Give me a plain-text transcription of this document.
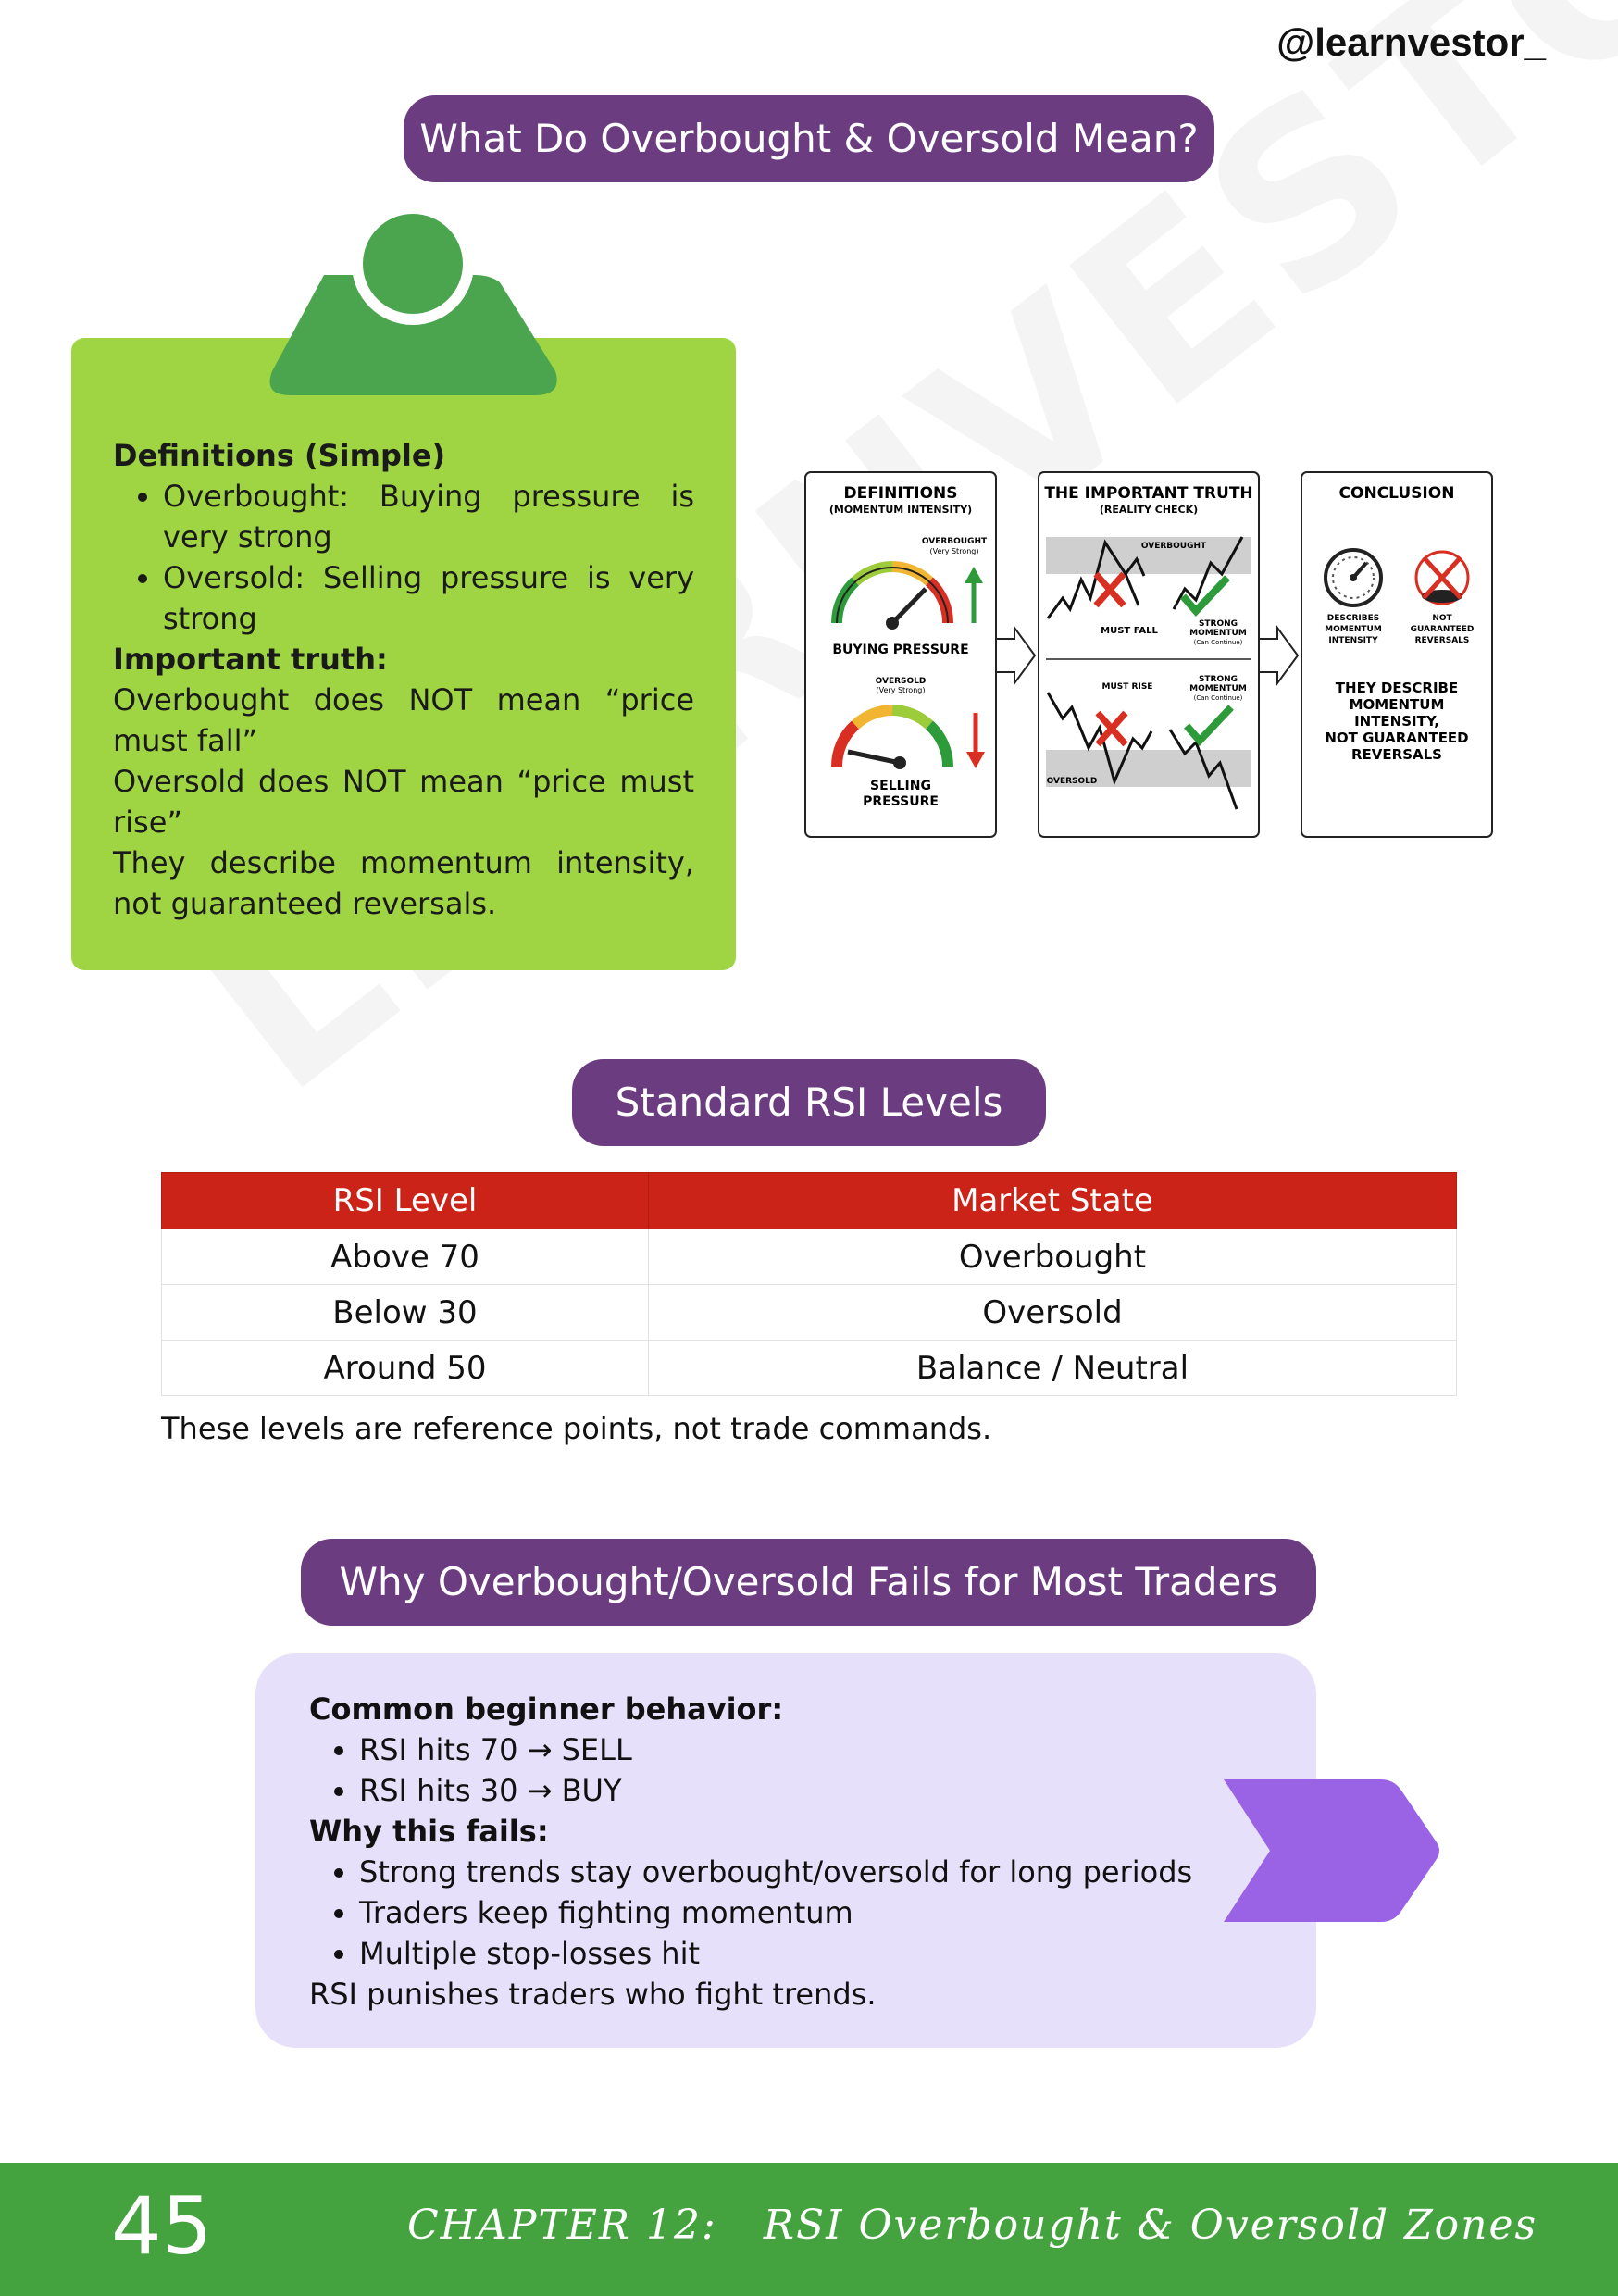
@learnvestor_
What Do Overbought & Oversold Mean?
Definitions (Simple)
• Overbought: Buying pressure is very strong
• Oversold: Selling pressure is very strong
Important truth:

Overbought does NOT mean “price must fall”

Oversold does NOT mean “price must rise”

They describe momentum intensity, not guaranteed reversals.

DEFINITIONS
(MOMENTUM INTENSITY)
OVERBOUGHT
(Very Strong)
BUYING PRESSURE
OVERSOLD
(Very Strong)
SELLING
PRESSURE
THE IMPORTANT TRUTH
(REALITY CHECK)
OVERBOUGHT
MUST FALL
STRONG
MOMENTUM
(Can Continue)
MUST RISE
STRONG
MOMENTUM
(Can Continue)
OVERSOLD
CONCLUSION
DESCRIBES
MOMENTUM
INTENSITY
NOT
GUARANTEED
REVERSALS
THEY DESCRIBE
MOMENTUM
INTENSITY,
NOT GUARANTEED
REVERSALS
Standard RSI Levels
RSI Level	Market State
Above 70	Overbought
Below 30	Oversold
Around 50	Balance / Neutral
These levels are reference points, not trade commands.
Why Overbought/Oversold Fails for Most Traders
Common beginner behavior:
• RSI hits 70 → SELL
• RSI hits 30 → BUY
Why this fails:
• Strong trends stay overbought/oversold for long periods
• Traders keep fighting momentum
• Multiple stop-losses hit

RSI punishes traders who fight trends.

45	CHAPTER 12: RSI Overbought & Oversold Zones
